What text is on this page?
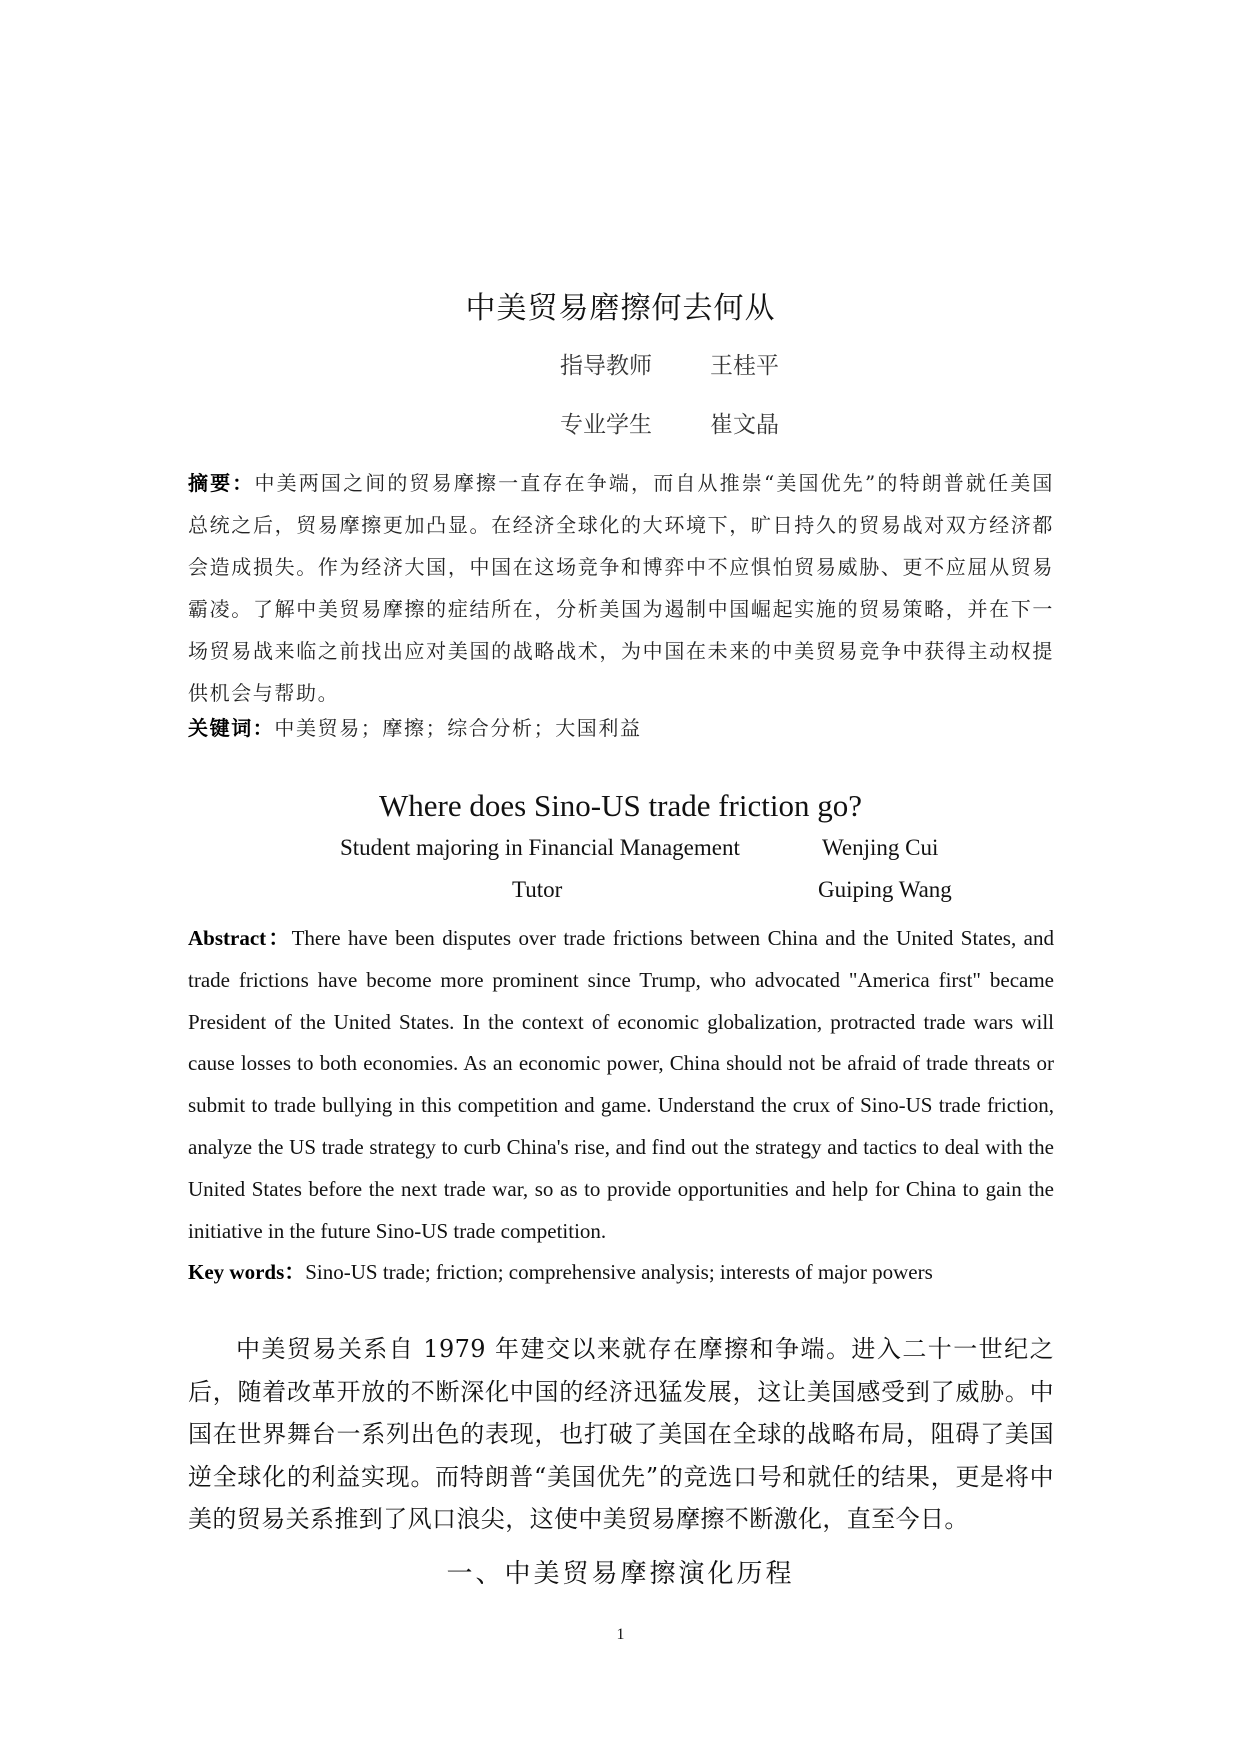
中美贸易磨擦何去何从
指导教师	王桂平
专业学生	崔文晶
摘要：中美两国之间的贸易摩擦一直存在争端，而自从推崇“美国优先”的特朗普就任美国总统之后，贸易摩擦更加凸显。在经济全球化的大环境下，旷日持久的贸易战对双方经济都会造成损失。作为经济大国，中国在这场竞争和博弈中不应惧怕贸易威胁、更不应屈从贸易霸凌。了解中美贸易摩擦的症结所在，分析美国为遏制中国崛起实施的贸易策略，并在下一场贸易战来临之前找出应对美国的战略战术，为中国在未来的中美贸易竞争中获得主动权提供机会与帮助。
关键词：中美贸易；摩擦；综合分析；大国利益
Where does Sino-US trade friction go?
Student majoring in Financial Management	Wenjing Cui
Tutor	Guiping Wang
Abstract：There have been disputes over trade frictions between China and the United States, and trade frictions have become more prominent since Trump, who advocated "America first" became President of the United States. In the context of economic globalization, protracted trade wars will cause losses to both economies. As an economic power, China should not be afraid of trade threats or submit to trade bullying in this competition and game. Understand the crux of Sino-US trade friction, analyze the US trade strategy to curb China's rise, and find out the strategy and tactics to deal with the United States before the next trade war, so as to provide opportunities and help for China to gain the initiative in the future Sino-US trade competition.
Key words：Sino-US trade; friction; comprehensive analysis; interests of major powers
中美贸易关系自 1979 年建交以来就存在摩擦和争端。进入二十一世纪之后，随着改革开放的不断深化中国的经济迅猛发展，这让美国感受到了威胁。中国在世界舞台一系列出色的表现，也打破了美国在全球的战略布局，阻碍了美国逆全球化的利益实现。而特朗普“美国优先”的竞选口号和就任的结果，更是将中美的贸易关系推到了风口浪尖，这使中美贸易摩擦不断激化，直至今日。
一、中美贸易摩擦演化历程
1
